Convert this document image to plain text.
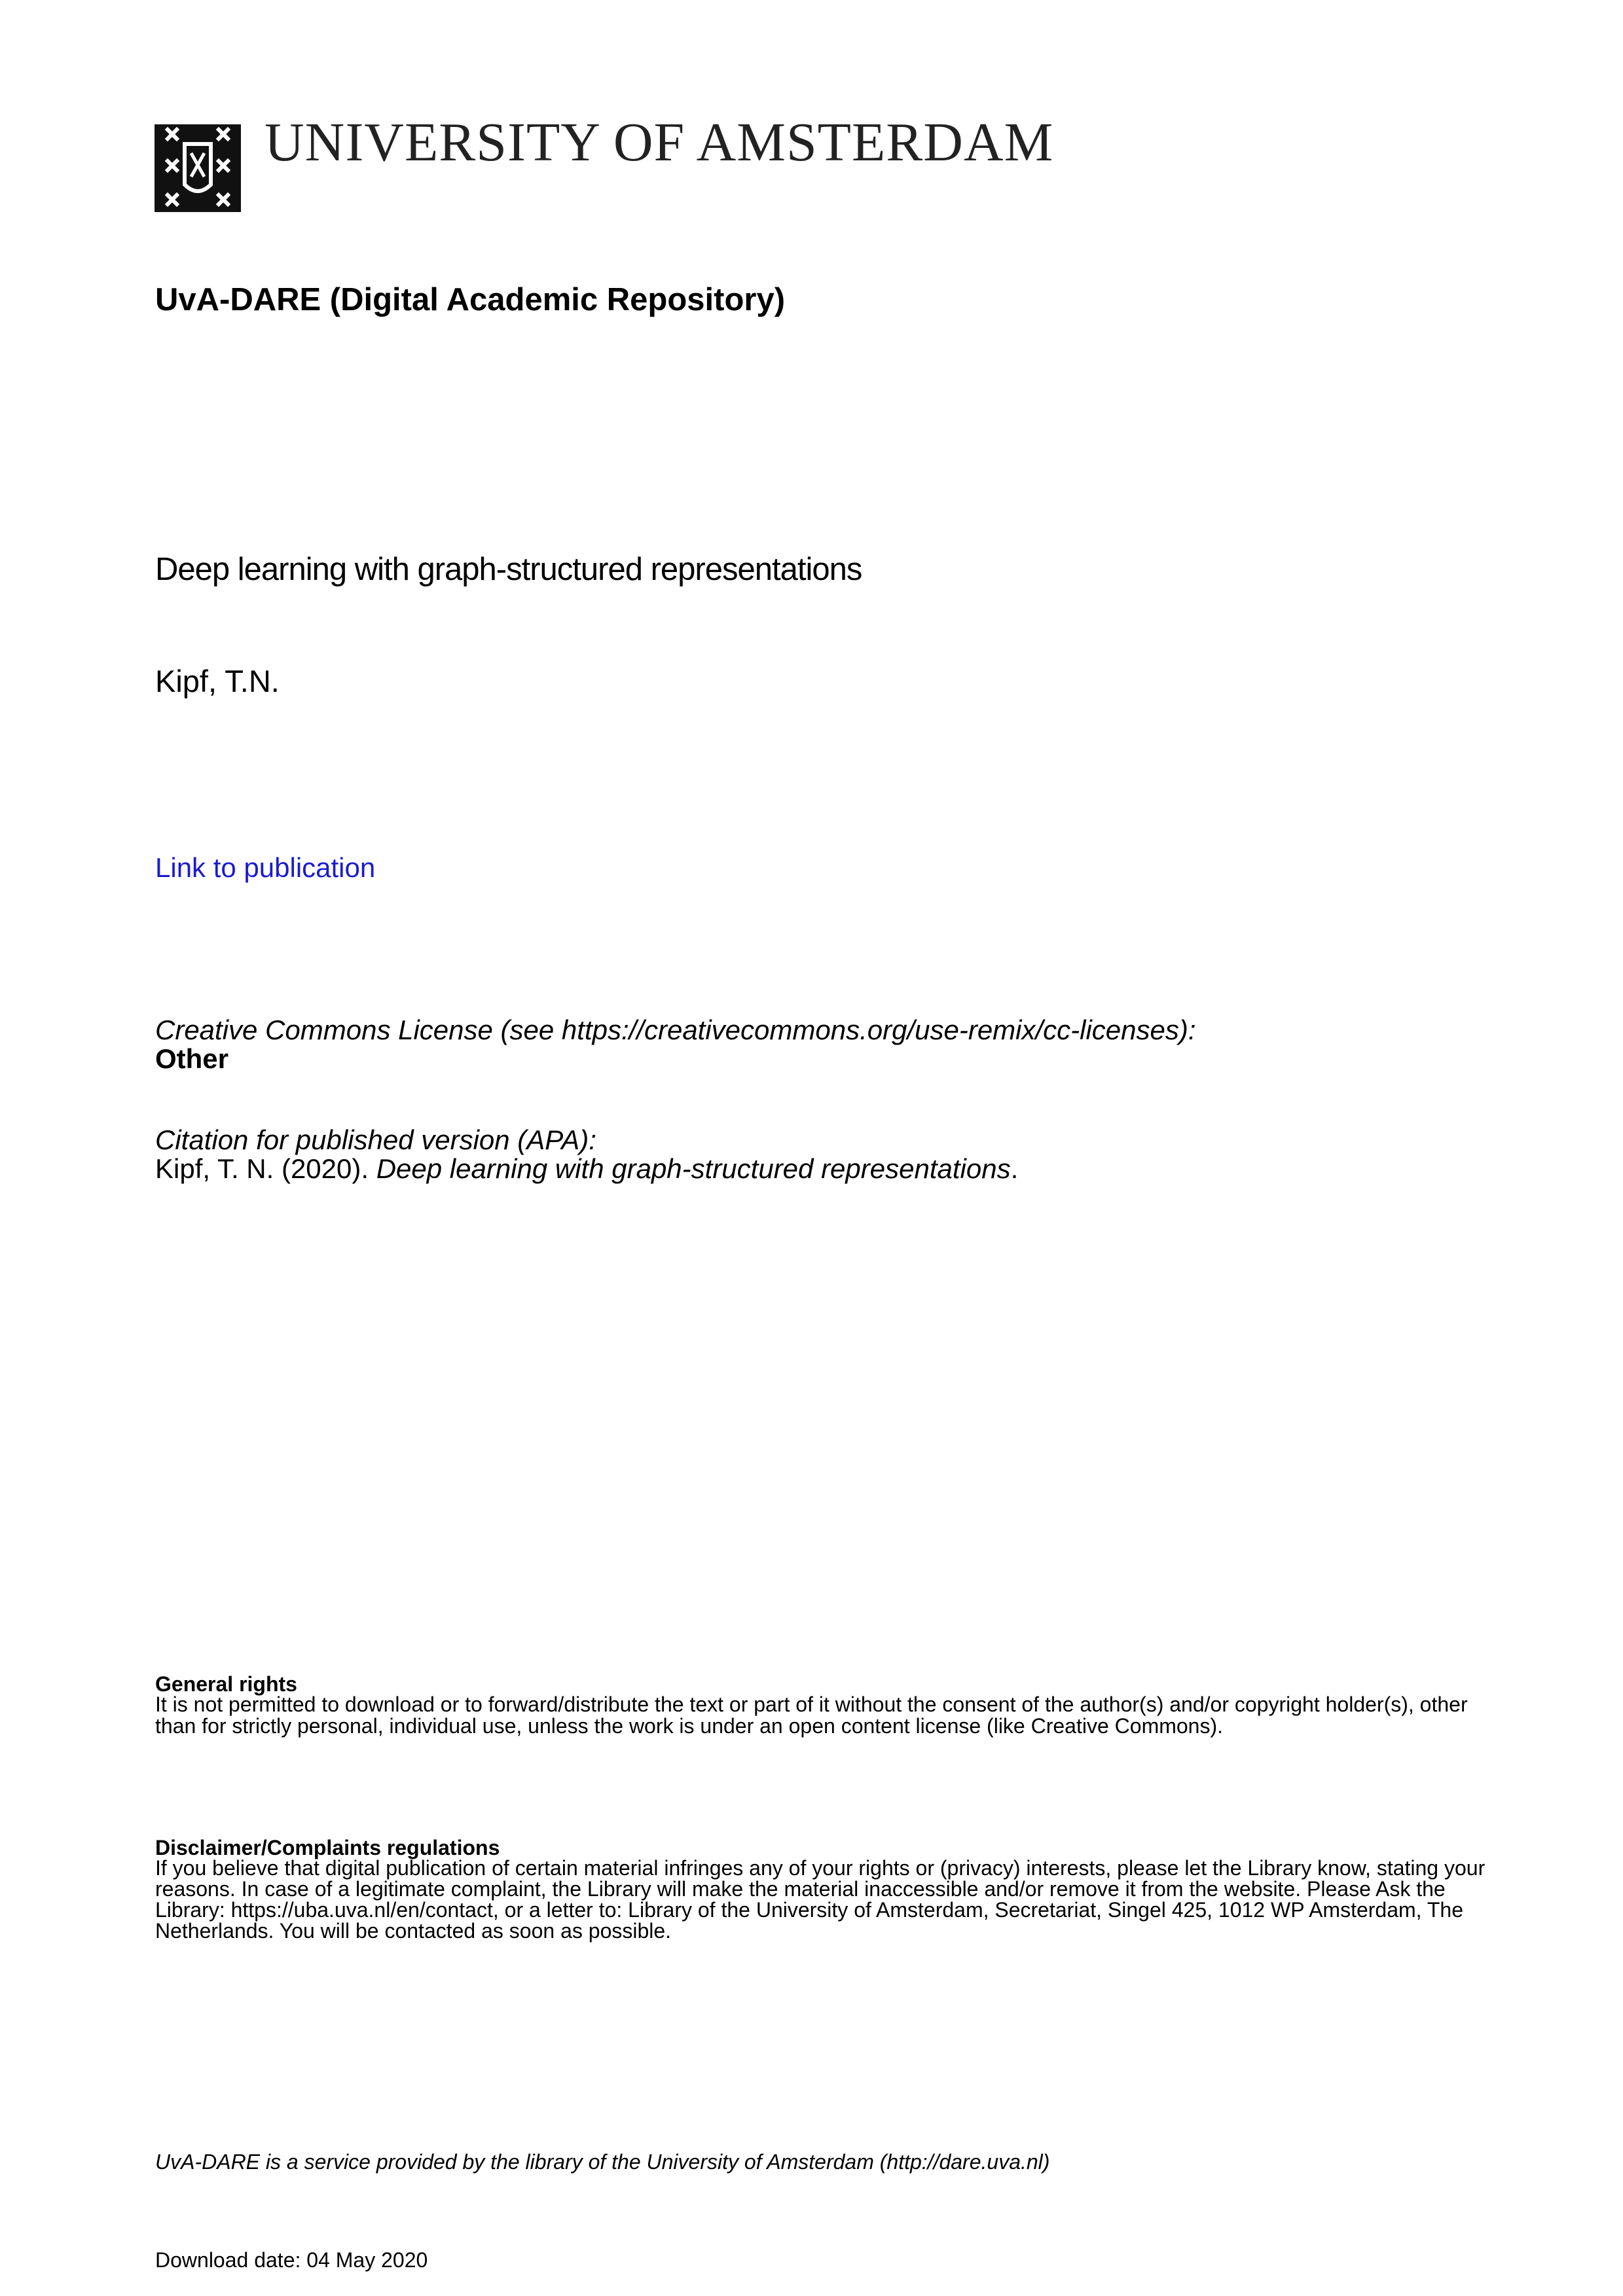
UNIVERSITY OF AMSTERDAM
UvA-DARE (Digital Academic Repository)
Deep learning with graph-structured representations
Kipf, T.N.
Link to publication
Creative Commons License (see https://creativecommons.org/use-remix/cc-licenses):
Other
Citation for published version (APA):
Kipf, T. N. (2020). Deep learning with graph-structured representations.
General rights
It is not permitted to download or to forward/distribute the text or part of it without the consent of the author(s) and/or copyright holder(s), other than for strictly personal, individual use, unless the work is under an open content license (like Creative Commons).
Disclaimer/Complaints regulations
If you believe that digital publication of certain material infringes any of your rights or (privacy) interests, please let the Library know, stating your reasons. In case of a legitimate complaint, the Library will make the material inaccessible and/or remove it from the website. Please Ask the Library: https://uba.uva.nl/en/contact, or a letter to: Library of the University of Amsterdam, Secretariat, Singel 425, 1012 WP Amsterdam, The Netherlands. You will be contacted as soon as possible.
UvA-DARE is a service provided by the library of the University of Amsterdam (http://dare.uva.nl)
Download date: 04 May 2020
